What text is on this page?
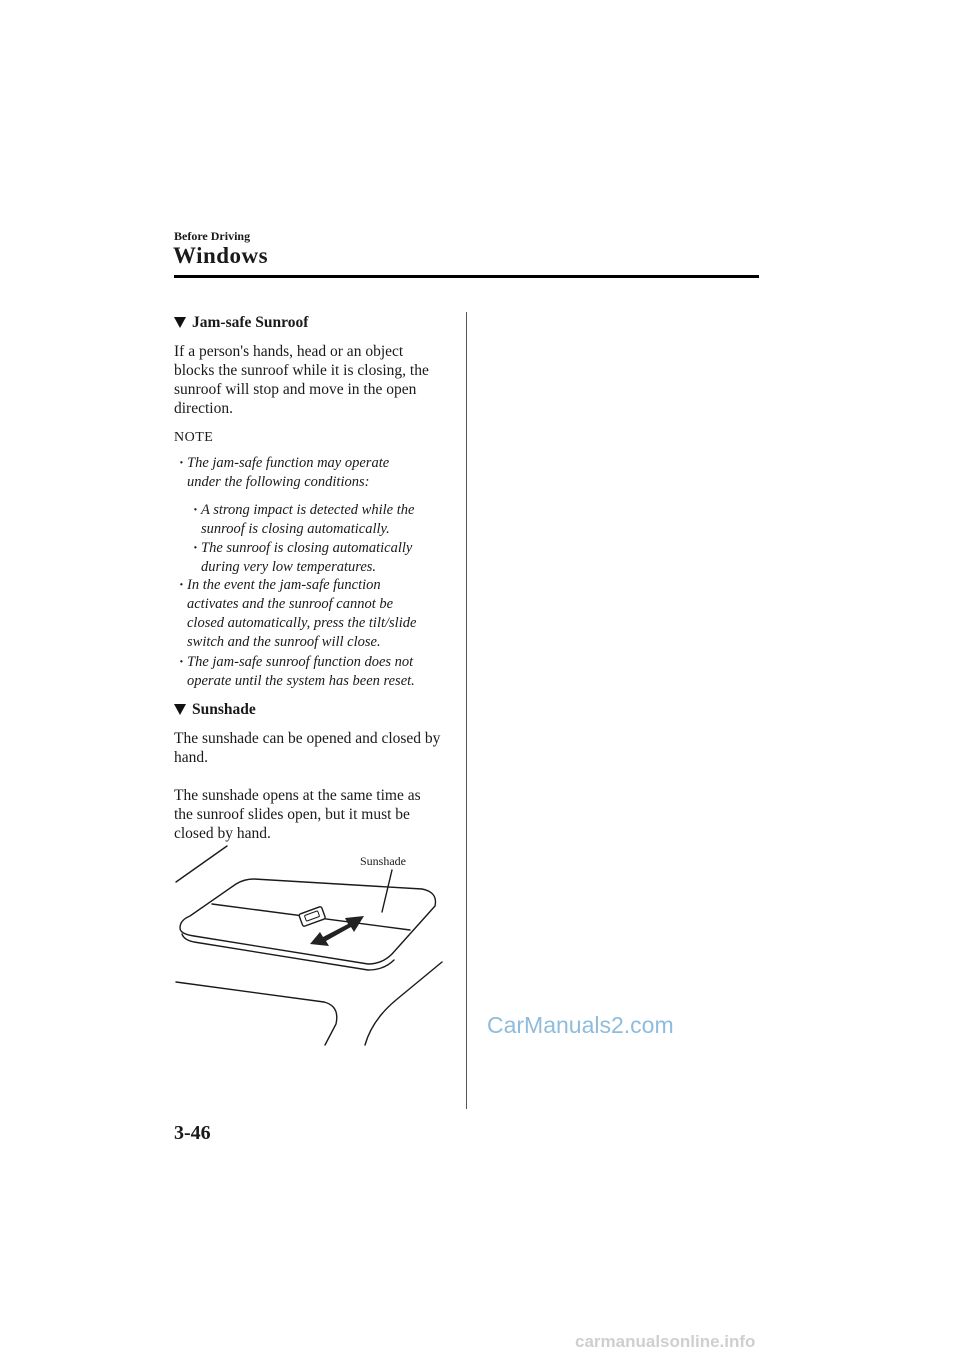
Before Driving
Windows
Jam-safe Sunroof
If a person's hands, head or an object
blocks the sunroof while it is closing, the
sunroof will stop and move in the open
direction.
NOTE
· The jam-safe function may operate
under the following conditions:
· A strong impact is detected while the
sunroof is closing automatically.
· The sunroof is closing automatically
during very low temperatures.
· In the event the jam-safe function
activates and the sunroof cannot be
closed automatically, press the tilt/slide
switch and the sunroof will close.
· The jam-safe sunroof function does not
operate until the system has been reset.
Sunshade
The sunshade can be opened and closed by
hand.
The sunshade opens at the same time as
the sunroof slides open, but it must be
closed by hand.
Sunshade
3-46
CarManuals2.com
carmanualsonline.info
